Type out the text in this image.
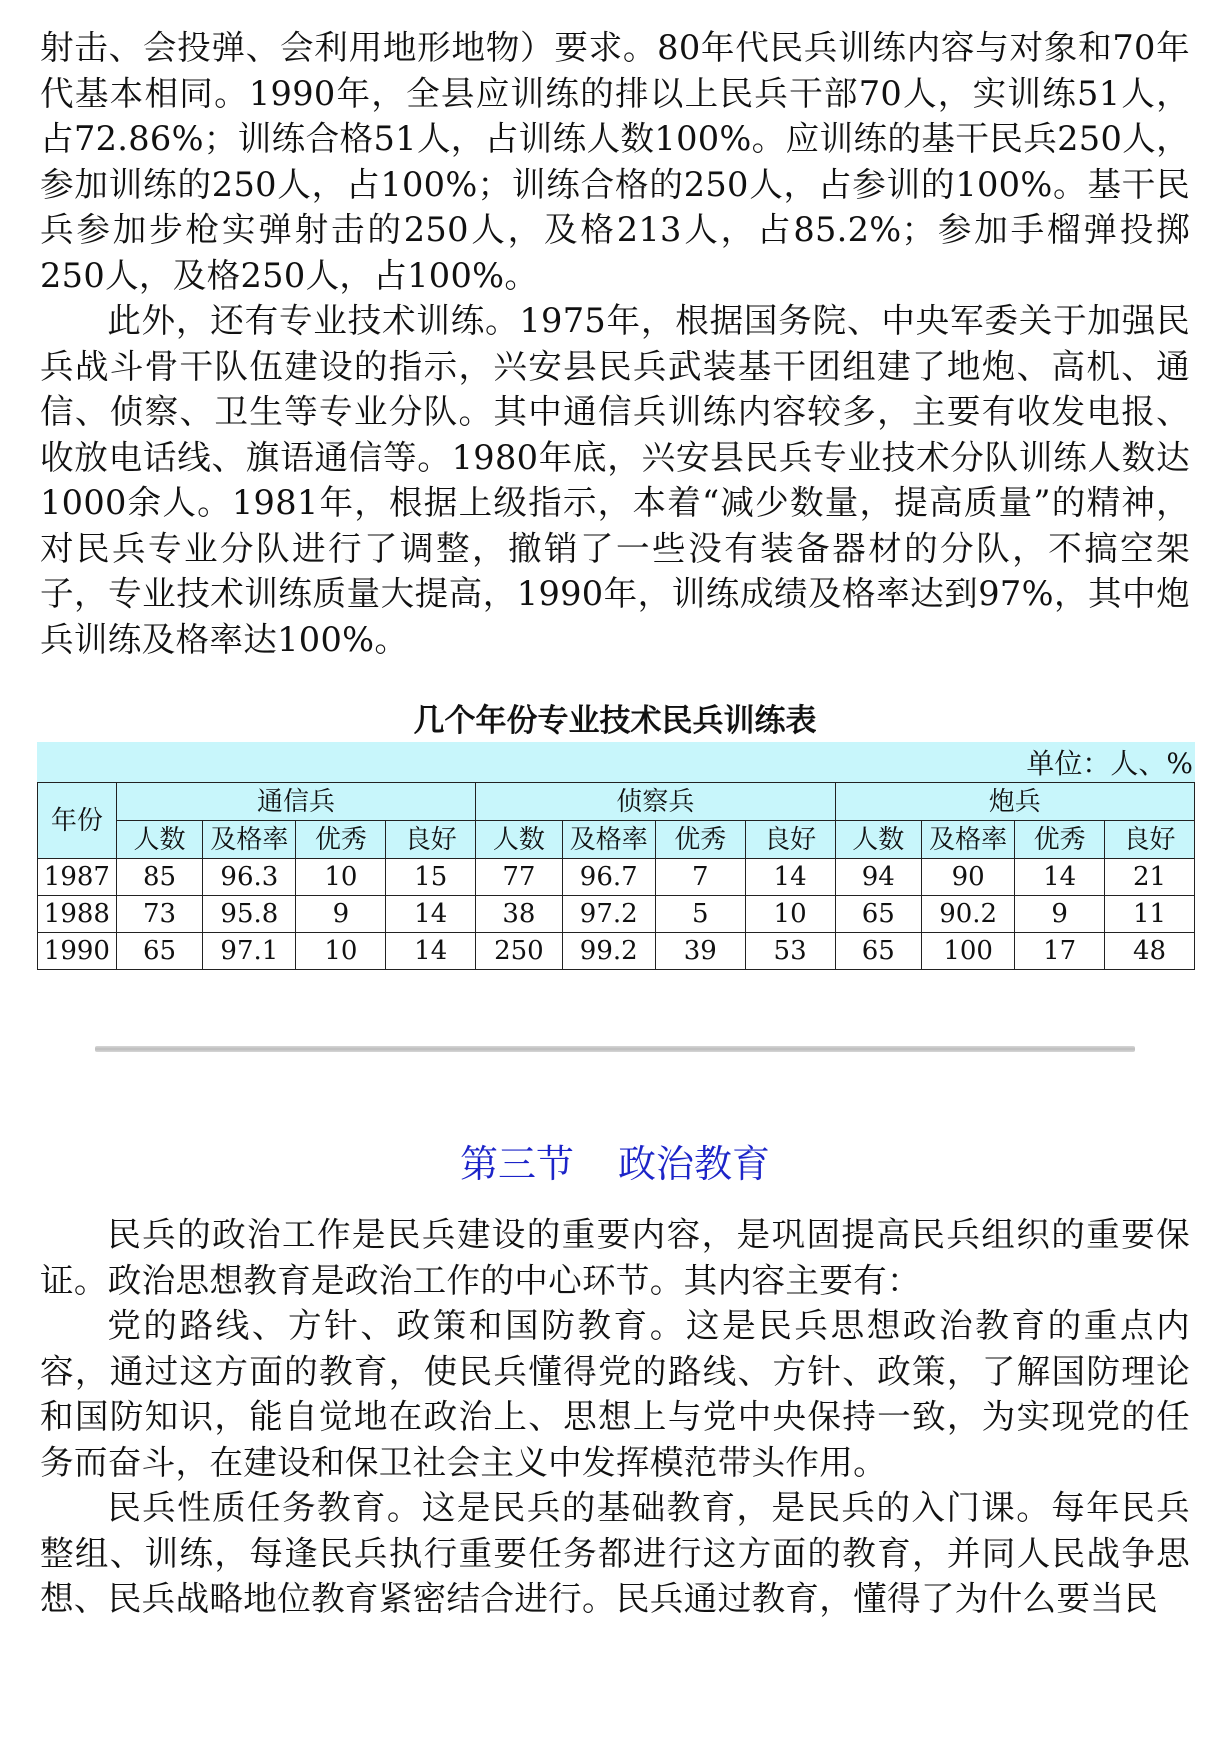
射击、会投弹、会利用地形地物）要求。80年代民兵训练内容与对象和70年代基本相同。1990年，全县应训练的排以上民兵干部70人，实训练51人，占72.86%；训练合格51人，占训练人数100%。应训练的基干民兵250人，参加训练的250人，占100%；训练合格的250人，占参训的100%。基干民兵参加步枪实弹射击的250人，及格213人，占85.2%；参加手榴弹投掷250人，及格250人，占100%。

此外，还有专业技术训练。1975年，根据国务院、中央军委关于加强民兵战斗骨干队伍建设的指示，兴安县民兵武装基干团组建了地炮、高机、通信、侦察、卫生等专业分队。其中通信兵训练内容较多，主要有收发电报、收放电话线、旗语通信等。1980年底，兴安县民兵专业技术分队训练人数达1000余人。1981年，根据上级指示，本着“减少数量，提高质量”的精神，对民兵专业分队进行了调整，撤销了一些没有装备器材的分队，不搞空架子，专业技术训练质量大提高，1990年，训练成绩及格率达到97%，其中炮兵训练及格率达100%。

几个年份专业技术民兵训练表
单位：人、%
年份	通信兵				侦察兵				炮兵			
	人数	及格率	优秀	良好	人数	及格率	优秀	良好	人数	及格率	优秀	良好
1987	85	96.3	10	15	77	96.7	7	14	94	90	14	21
1988	73	95.8	9	14	38	97.2	5	10	65	90.2	9	11
1990	65	97.1	10	14	250	99.2	39	53	65	100	17	48
第三节 政治教育

民兵的政治工作是民兵建设的重要内容，是巩固提高民兵组织的重要保证。政治思想教育是政治工作的中心环节。其内容主要有：

党的路线、方针、政策和国防教育。这是民兵思想政治教育的重点内容，通过这方面的教育，使民兵懂得党的路线、方针、政策，了解国防理论和国防知识，能自觉地在政治上、思想上与党中央保持一致，为实现党的任务而奋斗，在建设和保卫社会主义中发挥模范带头作用。

民兵性质任务教育。这是民兵的基础教育，是民兵的入门课。每年民兵整组、训练，每逢民兵执行重要任务都进行这方面的教育，并同人民战争思想、民兵战略地位教育紧密结合进行。民兵通过教育，懂得了为什么要当民
